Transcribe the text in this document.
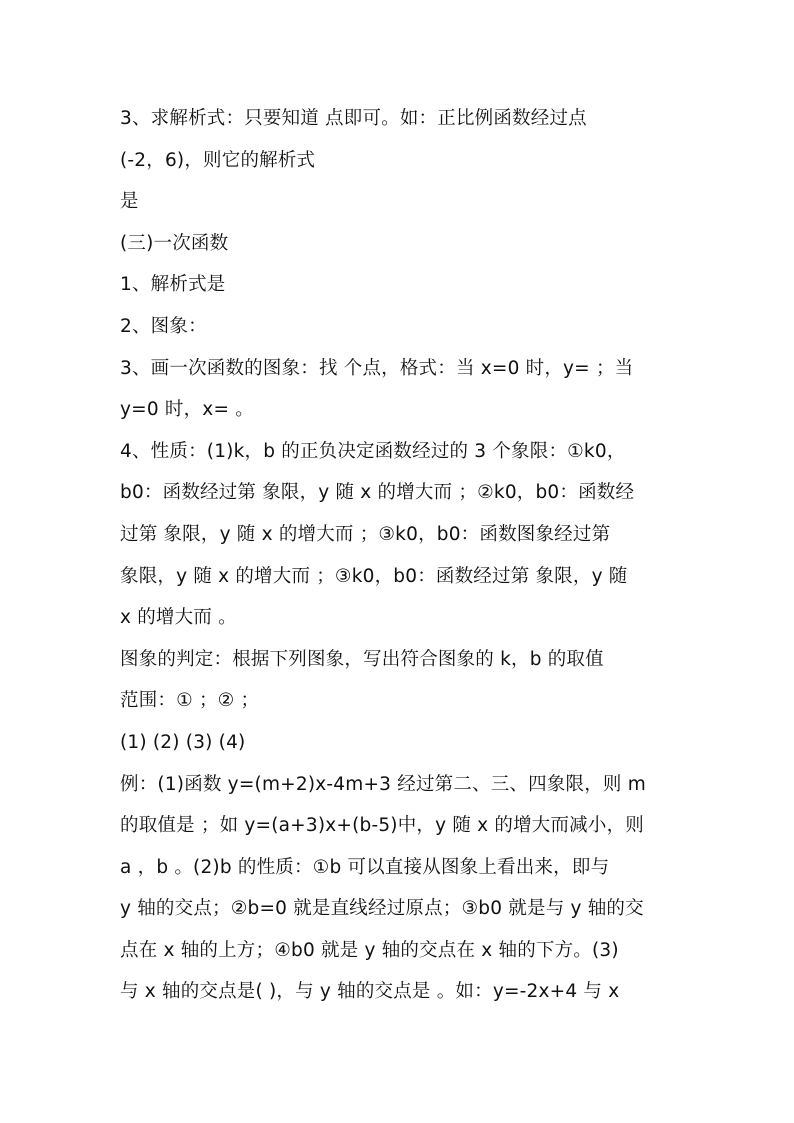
3、求解析式：只要知道 点即可。如：正比例函数经过点
(-2，6)，则它的解析式
是
(三)一次函数
1、解析式是
2、图象：
3、画一次函数的图象：找 个点，格式：当 x=0 时，y= ；当
y=0 时，x= 。
4、性质：(1)k，b 的正负决定函数经过的 3 个象限：①k0，
b0：函数经过第 象限，y 随 x 的增大而 ；②k0，b0：函数经
过第 象限，y 随 x 的增大而 ；③k0，b0：函数图象经过第
象限，y 随 x 的增大而 ；③k0，b0：函数经过第 象限，y 随
x 的增大而 。
图象的判定：根据下列图象，写出符合图象的 k，b 的取值
范围：① ；② ；
(1) (2) (3) (4)
例：(1)函数 y=(m+2)x-4m+3 经过第二、三、四象限，则 m
的取值是 ；如 y=(a+3)x+(b-5)中，y 随 x 的增大而减小，则
a ，b 。(2)b 的性质：①b 可以直接从图象上看出来，即与
y 轴的交点；②b=0 就是直线经过原点；③b0 就是与 y 轴的交
点在 x 轴的上方；④b0 就是 y 轴的交点在 x 轴的下方。(3)
与 x 轴的交点是( )，与 y 轴的交点是 。如：y=-2x+4 与 x
